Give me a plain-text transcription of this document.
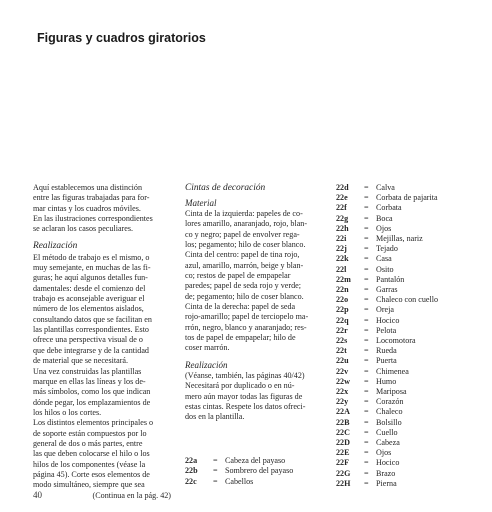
Figuras y cuadros giratorios
Aquí establecemos una distinción
entre las figuras trabajadas para for-
mar cintas y los cuadros móviles.
En las ilustraciones correspondientes
se aclaran los casos peculiares.
Realización
El método de trabajo es el mismo, o
muy semejante, en muchas de las fi-
guras; he aquí algunos detalles fun-
damentales: desde el comienzo del
trabajo es aconsejable averiguar el
número de los elementos aislados,
consultando datos que se facilitan en
las plantillas correspondientes. Esto
ofrece una perspectiva visual de o
que debe integrarse y de la cantidad
de material que se necesitará.
Una vez construidas las plantillas
marque en ellas las líneas y los de-
más símbolos, como los que indican
dónde pegar, los emplazamientos de
los hilos o los cortes.
Los distintos elementos principales o
de soporte están compuestos por lo
general de dos o más partes, entre
las que deben colocarse el hilo o los
hilos de los componentes (véase la
página 45). Corte esos elementos de
modo simultáneo, siempre que sea
(Continua en la pág. 42)
Cintas de decoración
Material
Cinta de la izquierda: papeles de co-
lores amarillo, anaranjado, rojo, blan-
co y negro; papel de envolver rega-
los; pegamento; hilo de coser blanco.
Cinta del centro: papel de tina rojo,
azul, amarillo, marrón, beige y blan-
co; restos de papel de empapelar
paredes; papel de seda rojo y verde;
de; pegamento; hilo de coser blanco.
Cinta de la derecha: papel de seda
rojo-amarillo; papel de terciopelo ma-
rrón, negro, blanco y anaranjado; res-
tos de papel de empapelar; hilo de
coser marrón.
Realización
(Véanse, también, las páginas 40/42)
Necesitará por duplicado o en nú-
mero aún mayor todas las figuras de
estas cintas. Respete los datos ofreci-
dos en la plantilla.
22a = Cabeza del payaso
22b = Sombrero del payaso
22c = Cabellos
22d = Calva
22e = Corbata de pajarita
22f = Corbata
22g = Boca
22h = Ojos
22i = Mejillas, nariz
22j = Tejado
22k = Casa
22l = Osito
22m = Pantalón
22n = Garras
22o = Chaleco con cuello
22p = Oreja
22q = Hocico
22r = Pelota
22s = Locomotora
22t = Rueda
22u = Puerta
22v = Chimenea
22w = Humo
22x = Mariposa
22y = Corazón
22A = Chaleco
22B = Bolsillo
22C = Cuello
22D = Cabeza
22E = Ojos
22F = Hocico
22G = Brazo
22H = Pierna
40
